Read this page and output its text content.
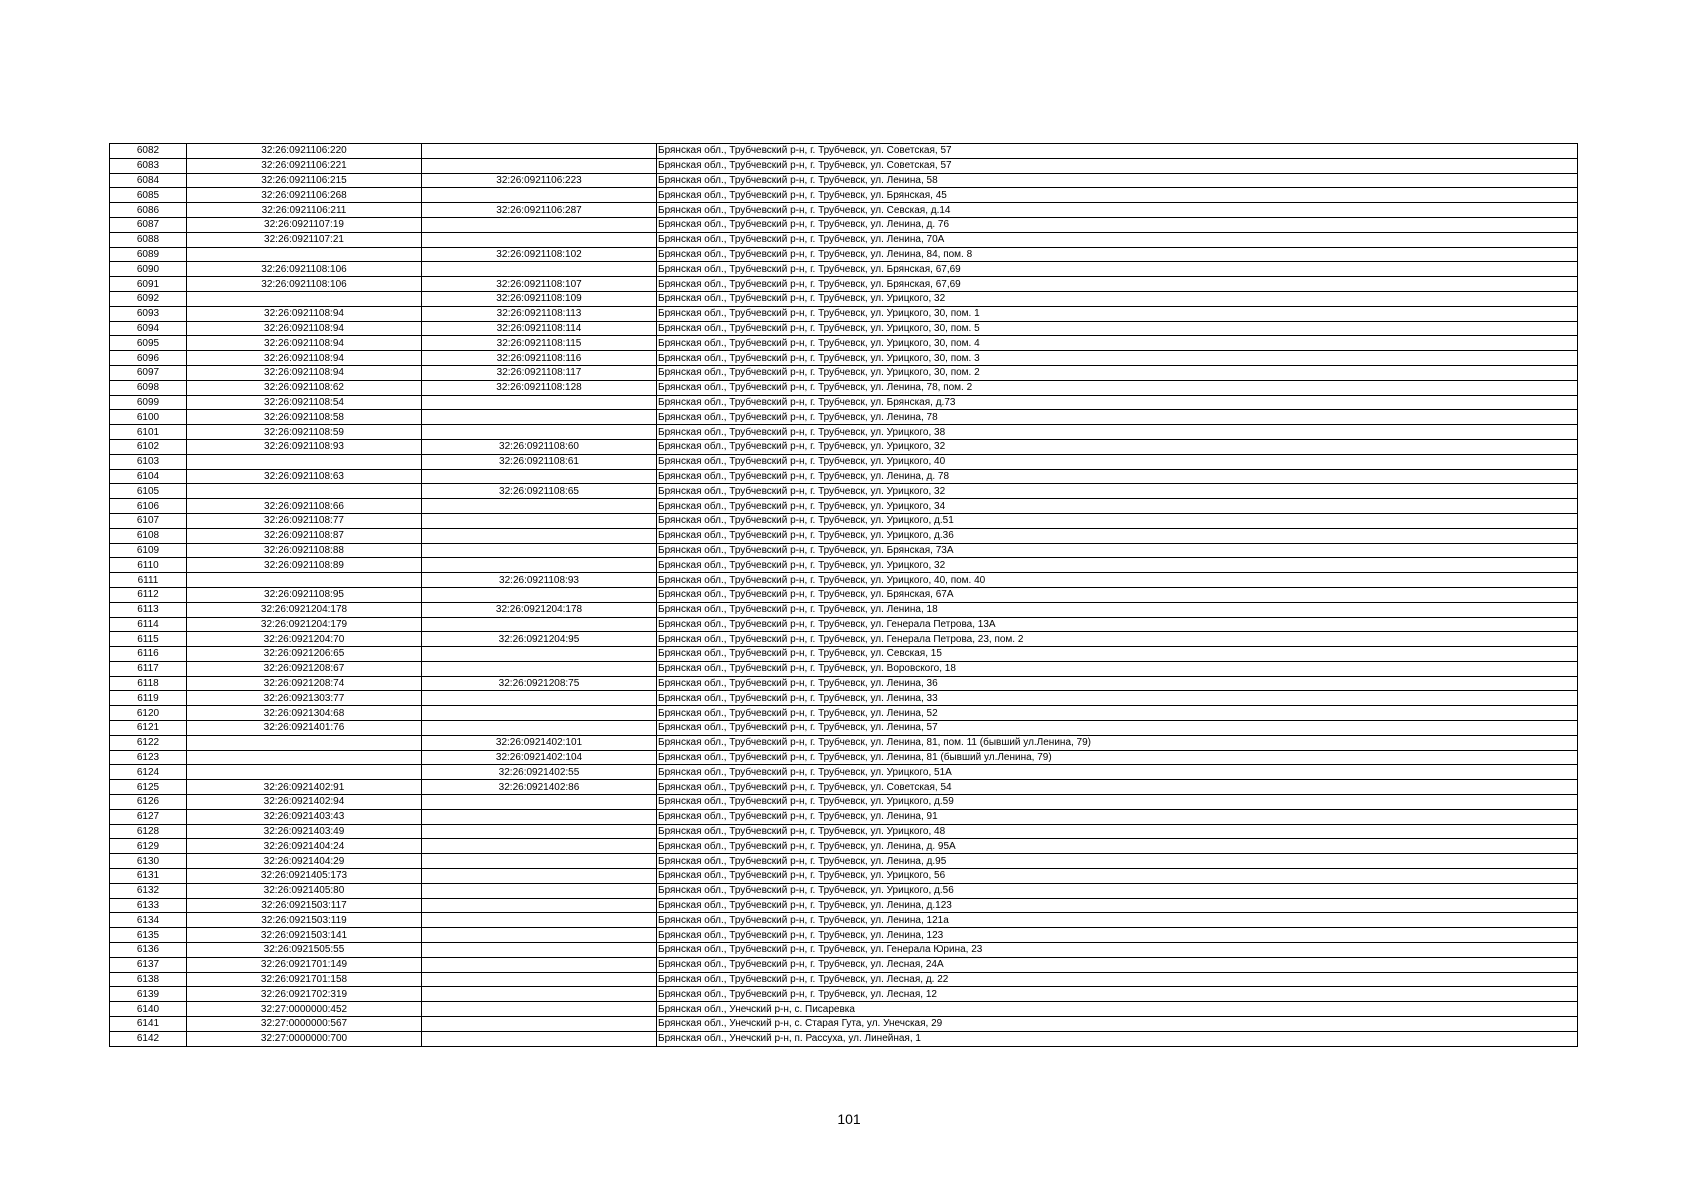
6082	32:26:0921106:220		Брянская обл., Трубчевский р-н, г. Трубчевск, ул. Советская, 57
6083	32:26:0921106:221		Брянская обл., Трубчевский р-н, г. Трубчевск, ул. Советская, 57
6084	32:26:0921106:215	32:26:0921106:223	Брянская обл., Трубчевский р-н, г. Трубчевск, ул. Ленина, 58
6085	32:26:0921106:268		Брянская обл., Трубчевский р-н, г. Трубчевск, ул. Брянская, 45
6086	32:26:0921106:211	32:26:0921106:287	Брянская обл., Трубчевский р-н, г. Трубчевск, ул. Севская, д.14
6087	32:26:0921107:19		Брянская обл., Трубчевский р-н, г. Трубчевск, ул. Ленина, д. 76
6088	32:26:0921107:21		Брянская обл., Трубчевский р-н, г. Трубчевск, ул. Ленина, 70А
6089		32:26:0921108:102	Брянская обл., Трубчевский р-н, г. Трубчевск, ул. Ленина, 84, пом. 8
6090	32:26:0921108:106		Брянская обл., Трубчевский р-н, г. Трубчевск, ул. Брянская, 67,69
6091	32:26:0921108:106	32:26:0921108:107	Брянская обл., Трубчевский р-н, г. Трубчевск, ул. Брянская, 67,69
6092		32:26:0921108:109	Брянская обл., Трубчевский р-н, г. Трубчевск, ул. Урицкого, 32
6093	32:26:0921108:94	32:26:0921108:113	Брянская обл., Трубчевский р-н, г. Трубчевск, ул. Урицкого, 30, пом. 1
6094	32:26:0921108:94	32:26:0921108:114	Брянская обл., Трубчевский р-н, г. Трубчевск, ул. Урицкого, 30, пом. 5
6095	32:26:0921108:94	32:26:0921108:115	Брянская обл., Трубчевский р-н, г. Трубчевск, ул. Урицкого, 30, пом. 4
6096	32:26:0921108:94	32:26:0921108:116	Брянская обл., Трубчевский р-н, г. Трубчевск, ул. Урицкого, 30, пом. 3
6097	32:26:0921108:94	32:26:0921108:117	Брянская обл., Трубчевский р-н, г. Трубчевск, ул. Урицкого, 30, пом. 2
6098	32:26:0921108:62	32:26:0921108:128	Брянская обл., Трубчевский р-н, г. Трубчевск, ул. Ленина, 78, пом. 2
6099	32:26:0921108:54		Брянская обл., Трубчевский р-н, г. Трубчевск, ул. Брянская, д.73
6100	32:26:0921108:58		Брянская обл., Трубчевский р-н, г. Трубчевск, ул. Ленина, 78
6101	32:26:0921108:59		Брянская обл., Трубчевский р-н, г. Трубчевск, ул. Урицкого, 38
6102	32:26:0921108:93	32:26:0921108:60	Брянская обл., Трубчевский р-н, г. Трубчевск, ул. Урицкого, 32
6103		32:26:0921108:61	Брянская обл., Трубчевский р-н, г. Трубчевск, ул. Урицкого, 40
6104	32:26:0921108:63		Брянская обл., Трубчевский р-н, г. Трубчевск, ул. Ленина, д. 78
6105		32:26:0921108:65	Брянская обл., Трубчевский р-н, г. Трубчевск, ул. Урицкого, 32
6106	32:26:0921108:66		Брянская обл., Трубчевский р-н, г. Трубчевск, ул. Урицкого, 34
6107	32:26:0921108:77		Брянская обл., Трубчевский р-н, г. Трубчевск, ул. Урицкого, д.51
6108	32:26:0921108:87		Брянская обл., Трубчевский р-н, г. Трубчевск, ул. Урицкого, д.36
6109	32:26:0921108:88		Брянская обл., Трубчевский р-н, г. Трубчевск, ул. Брянская, 73А
6110	32:26:0921108:89		Брянская обл., Трубчевский р-н, г. Трубчевск, ул. Урицкого, 32
6111		32:26:0921108:93	Брянская обл., Трубчевский р-н, г. Трубчевск, ул. Урицкого, 40, пом. 40
6112	32:26:0921108:95		Брянская обл., Трубчевский р-н, г. Трубчевск, ул. Брянская, 67А
6113	32:26:0921204:178	32:26:0921204:178	Брянская обл., Трубчевский р-н, г. Трубчевск, ул. Ленина, 18
6114	32:26:0921204:179		Брянская обл., Трубчевский р-н, г. Трубчевск, ул. Генерала Петрова, 13А
6115	32:26:0921204:70	32:26:0921204:95	Брянская обл., Трубчевский р-н, г. Трубчевск, ул. Генерала Петрова, 23, пом. 2
6116	32:26:0921206:65		Брянская обл., Трубчевский р-н, г. Трубчевск, ул. Севская, 15
6117	32:26:0921208:67		Брянская обл., Трубчевский р-н, г. Трубчевск, ул. Воровского, 18
6118	32:26:0921208:74	32:26:0921208:75	Брянская обл., Трубчевский р-н, г. Трубчевск, ул. Ленина, 36
6119	32:26:0921303:77		Брянская обл., Трубчевский р-н, г. Трубчевск, ул. Ленина, 33
6120	32:26:0921304:68		Брянская обл., Трубчевский р-н, г. Трубчевск, ул. Ленина, 52
6121	32:26:0921401:76		Брянская обл., Трубчевский р-н, г. Трубчевск, ул. Ленина, 57
6122		32:26:0921402:101	Брянская обл., Трубчевский р-н, г. Трубчевск, ул. Ленина, 81, пом. 11 (бывший ул.Ленина, 79)
6123		32:26:0921402:104	Брянская обл., Трубчевский р-н, г. Трубчевск, ул. Ленина, 81 (бывший ул.Ленина, 79)
6124		32:26:0921402:55	Брянская обл., Трубчевский р-н, г. Трубчевск, ул. Урицкого, 51А
6125	32:26:0921402:91	32:26:0921402:86	Брянская обл., Трубчевский р-н, г. Трубчевск, ул. Советская, 54
6126	32:26:0921402:94		Брянская обл., Трубчевский р-н, г. Трубчевск, ул. Урицкого, д.59
6127	32:26:0921403:43		Брянская обл., Трубчевский р-н, г. Трубчевск, ул. Ленина, 91
6128	32:26:0921403:49		Брянская обл., Трубчевский р-н, г. Трубчевск, ул. Урицкого, 48
6129	32:26:0921404:24		Брянская обл., Трубчевский р-н, г. Трубчевск, ул. Ленина, д. 95А
6130	32:26:0921404:29		Брянская обл., Трубчевский р-н, г. Трубчевск, ул. Ленина, д.95
6131	32:26:0921405:173		Брянская обл., Трубчевский р-н, г. Трубчевск, ул. Урицкого, 56
6132	32:26:0921405:80		Брянская обл., Трубчевский р-н, г. Трубчевск, ул. Урицкого, д.56
6133	32:26:0921503:117		Брянская обл., Трубчевский р-н, г. Трубчевск, ул. Ленина, д.123
6134	32:26:0921503:119		Брянская обл., Трубчевский р-н, г. Трубчевск, ул. Ленина, 121а
6135	32:26:0921503:141		Брянская обл., Трубчевский р-н, г. Трубчевск, ул. Ленина, 123
6136	32:26:0921505:55		Брянская обл., Трубчевский р-н, г. Трубчевск, ул. Генерала Юрина, 23
6137	32:26:0921701:149		Брянская обл., Трубчевский р-н, г. Трубчевск, ул. Лесная, 24А
6138	32:26:0921701:158		Брянская обл., Трубчевский р-н, г. Трубчевск, ул. Лесная, д. 22
6139	32:26:0921702:319		Брянская обл., Трубчевский р-н, г. Трубчевск, ул. Лесная, 12
6140	32:27:0000000:452		Брянская обл., Унечский р-н, с. Писаревка
6141	32:27:0000000:567		Брянская обл., Унечский р-н, с. Старая Гута, ул. Унечская, 29
6142	32:27:0000000:700		Брянская обл., Унечский р-н, п. Рассуха, ул. Линейная, 1
101
